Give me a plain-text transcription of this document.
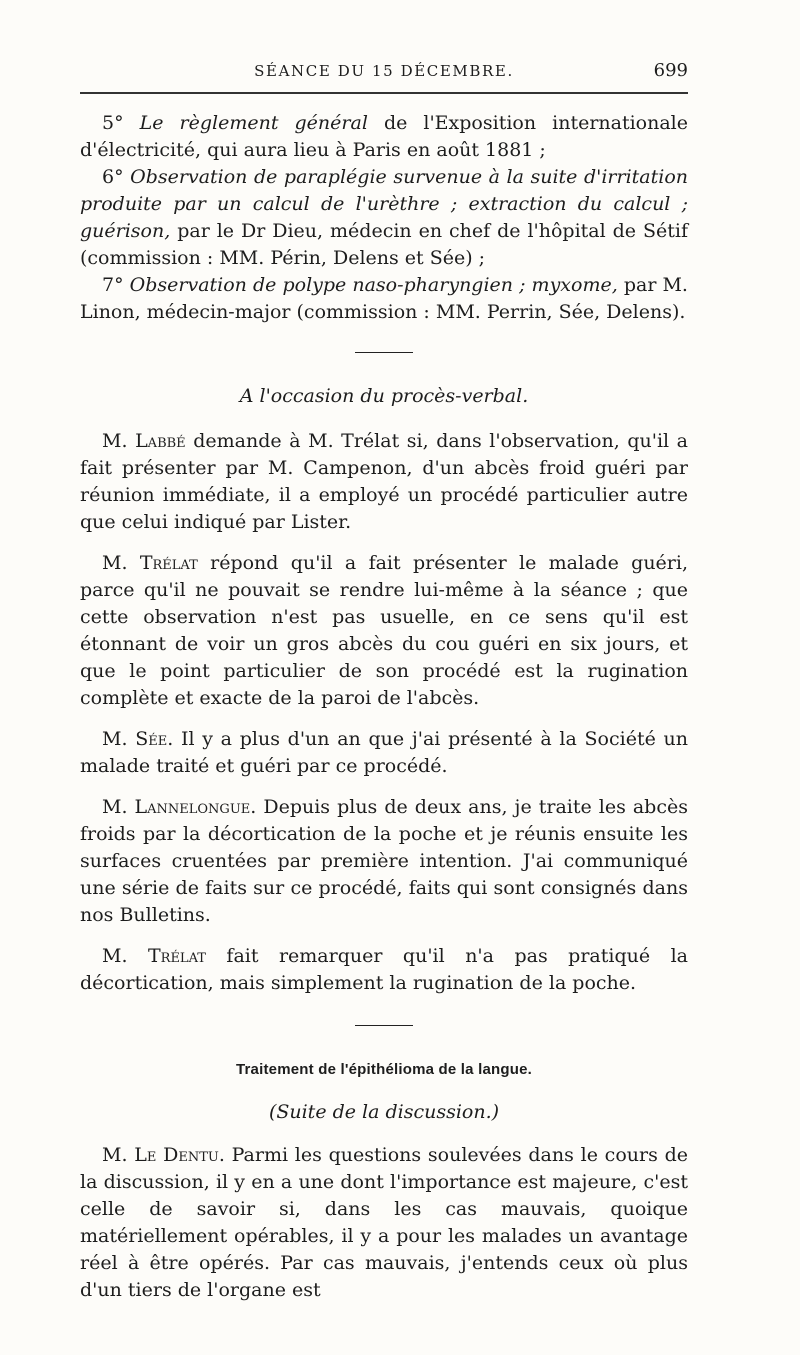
SÉANCE DU 15 DÉCEMBRE.	699

5° Le règlement général de l'Exposition internationale d'électricité, qui aura lieu à Paris en août 1881 ;

6° Observation de paraplégie survenue à la suite d'irritation produite par un calcul de l'urèthre ; extraction du calcul ; guérison, par le Dr Dieu, médecin en chef de l'hôpital de Sétif (commission : MM. Périn, Delens et Sée) ;

7° Observation de polype naso-pharyngien ; myxome, par M. Linon, médecin-major (commission : MM. Perrin, Sée, Delens).

A l'occasion du procès-verbal.

M. Labbé demande à M. Trélat si, dans l'observation, qu'il a fait présenter par M. Campenon, d'un abcès froid guéri par réunion immédiate, il a employé un procédé particulier autre que celui indiqué par Lister.

M. Trélat répond qu'il a fait présenter le malade guéri, parce qu'il ne pouvait se rendre lui-même à la séance ; que cette observation n'est pas usuelle, en ce sens qu'il est étonnant de voir un gros abcès du cou guéri en six jours, et que le point particulier de son procédé est la rugination complète et exacte de la paroi de l'abcès.

M. Sée. Il y a plus d'un an que j'ai présenté à la Société un malade traité et guéri par ce procédé.

M. Lannelongue. Depuis plus de deux ans, je traite les abcès froids par la décortication de la poche et je réunis ensuite les surfaces cruentées par première intention. J'ai communiqué une série de faits sur ce procédé, faits qui sont consignés dans nos Bulletins.

M. Trélat fait remarquer qu'il n'a pas pratiqué la décortication, mais simplement la rugination de la poche.

Traitement de l'épithélioma de la langue.

(Suite de la discussion.)

M. Le Dentu. Parmi les questions soulevées dans le cours de la discussion, il y en a une dont l'importance est majeure, c'est celle de savoir si, dans les cas mauvais, quoique matériellement opérables, il y a pour les malades un avantage réel à être opérés. Par cas mauvais, j'entends ceux où plus d'un tiers de l'organe est
